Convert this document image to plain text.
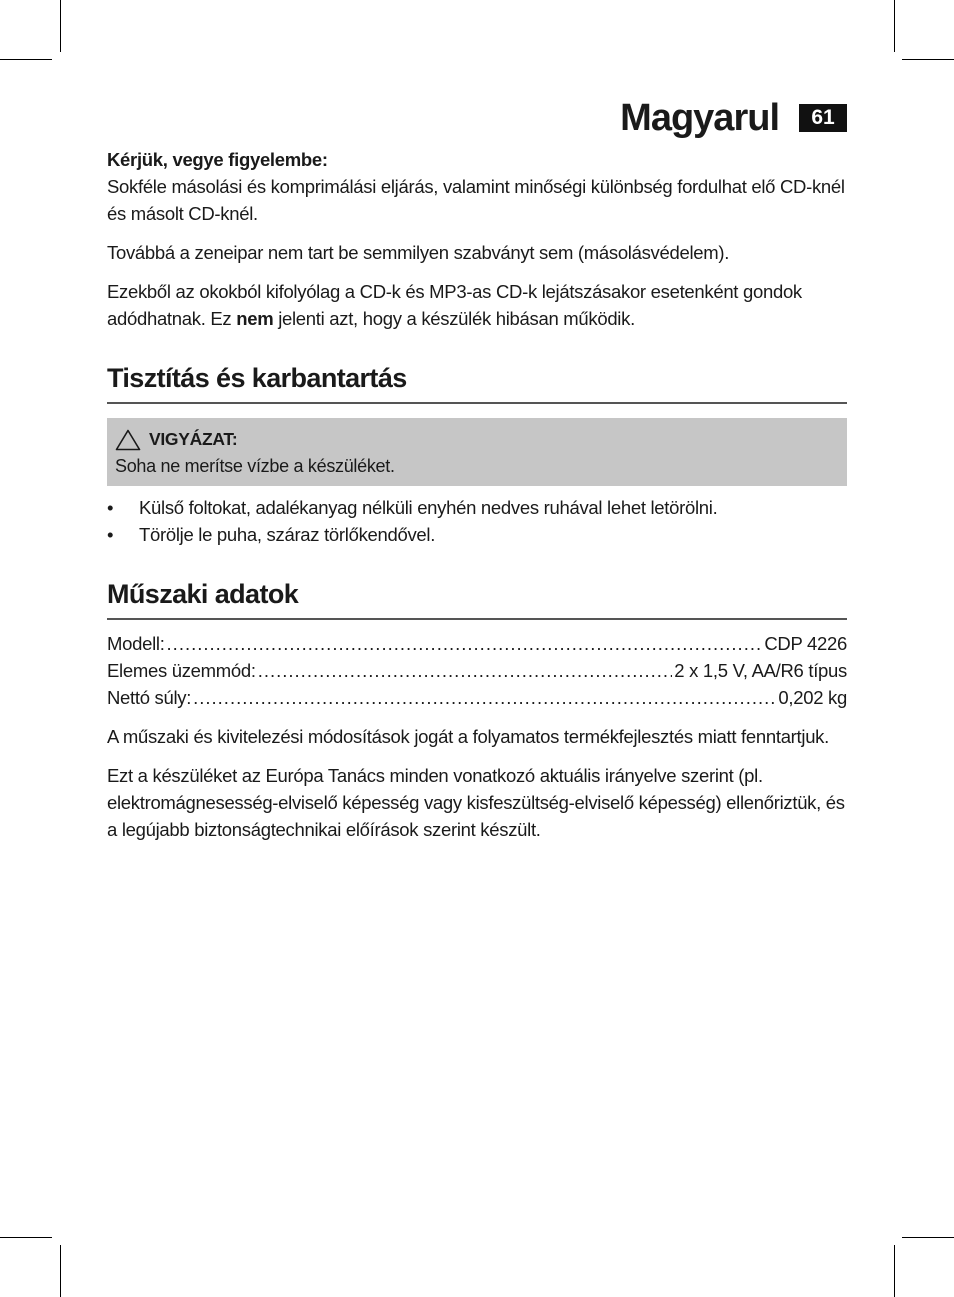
Magyarul	61

Kérjük, vegye figyelembe:
Sokféle másolási és komprimálási eljárás, valamint minőségi különbség fordulhat elő CD-knél és másolt CD-knél.

Továbbá a zeneipar nem tart be semmilyen szabványt sem (másolásvédelem).

Ezekből az okokból kifolyólag a CD-k és MP3-as CD-k lejátszásakor esetenként gondok adódhatnak. Ez nem jelenti azt, hogy a készülék hibásan működik.

Tisztítás és karbantartás
VIGYÁZAT:
Soha ne merítse vízbe a készüléket.
• Külső foltokat, adalékanyag nélküli enyhén nedves ruhával lehet letörölni.
• Törölje le puha, száraz törlőkendővel.
Műszaki adatok
Modell: .....	CDP 4226
Elemes üzemmód: .....	2 x 1,5 V, AA/R6 típus
Nettó súly: .....	0,202 kg

A műszaki és kivitelezési módosítások jogát a folyamatos termékfejlesztés miatt fenntartjuk.

Ezt a készüléket az Európa Tanács minden vonatkozó aktuális irányelve szerint (pl. elektromágnesesség-elviselő képesség vagy kisfeszültség-elviselő képesség) ellenőriztük, és a legújabb biztonságtechnikai előírások szerint készült.
